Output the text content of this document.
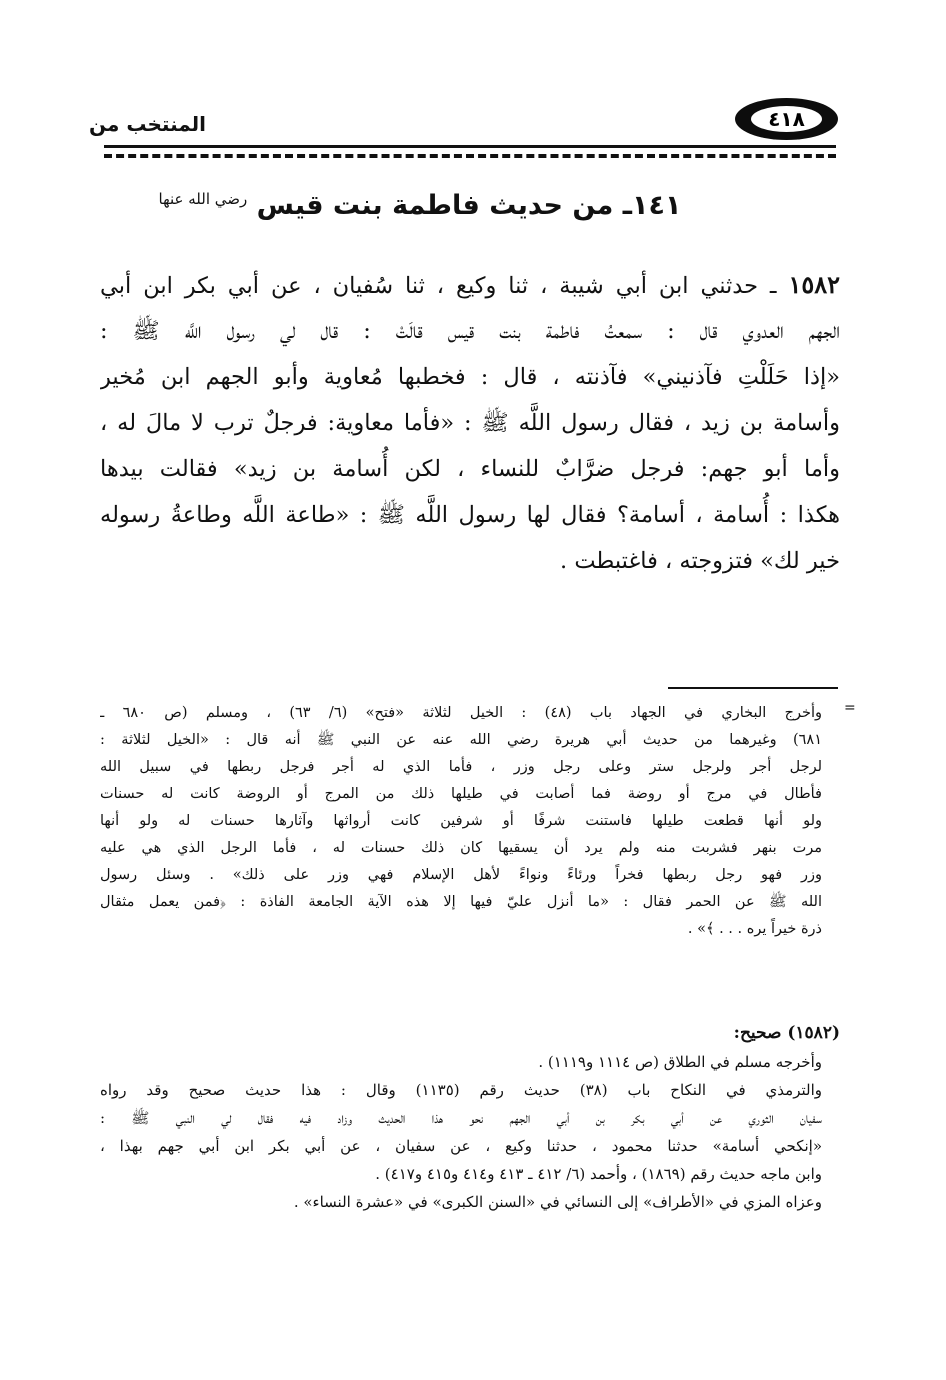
٤١٨
المنتخب من
١٤١ـ من حديث فاطمة بنت قيس $^{رضي الله عنها}$
١٥٨٢ ـ حدثني ابن أبي شيبة ، ثنا وكيع ، ثنا سُفيان ، عن أبي بكر ابن أبي
الجهم العدوي قال : سمعتُ فاطمة بنت قيس قالَتْ : قال لي رسول اللَّه ﷺ :
«إذا حَلَلْتِ فآذنيني» فآذنته ، قال : فخطبها مُعاوية وأبو الجهم ابن مُخير
وأسامة بن زيد ، فقال رسول اللَّه ﷺ : «فأما معاوية: فرجلٌ ترب لا مالَ له ،
وأما أبو جهم: فرجل ضرَّابٌ للنساء ، لكن أُسامة بن زيد» فقالت بيدها
هكذا : أُسامة ، أسامة؟ فقال لها رسول اللَّه ﷺ : «طاعة اللَّه وطاعةُ رسوله
خير لك» فتزوجته ، فاغتبطت .
=
وأخرج البخاري في الجهاد باب (٤٨) : الخيل لثلاثة «فتح» (٦/ ٦٣) ، ومسلم (ص ٦٨٠ ـ
٦٨١) وغيرهما من حديث أبي هريرة رضي الله عنه عن النبي ﷺ أنه قال : «الخيل لثلاثة :
لرجل أجر ولرجل ستر وعلى رجل وزر ، فأما الذي له أجر فرجل ربطها في سبيل الله
فأطال في مرج أو روضة فما أصابت في طيلها ذلك من المرج أو الروضة كانت له حسنات
ولو أنها قطعت طيلها فاستنت شرفًا أو شرفين كانت أرواثها وآثارها حسنات له ولو أنها
مرت بنهر فشربت منه ولم يرد أن يسقيها كان ذلك حسنات له ، فأما الرجل الذي هي عليه
وزر فهو رجل ربطها فخراً ورئاءً ونواءً لأهل الإسلام فهي وزر على ذلك» . وسئل رسول
الله ﷺ عن الحمر فقال : «ما أنزل عليّ فيها إلا هذه الآية الجامعة الفاذة : ﴿فمن يعمل مثقال
ذرة خيراً يره . . . ﴾» .
(١٥٨٢) صحيح:
وأخرجه مسلم في الطلاق (ص ١١١٤ و١١١٩) .
والترمذي في النكاح باب (٣٨) حديث رقم (١١٣٥) وقال : هذا حديث صحيح وقد رواه
سفيان الثوري عن أبي بكر بن أبي الجهم نحو هذا الحديث وزاد فيه فقال لي النبي ﷺ :
«إنكحي أسامة» حدثنا محمود ، حدثنا وكيع ، عن سفيان ، عن أبي بكر ابن أبي جهم بهذا ،
وابن ماجه حديث رقم (١٨٦٩) ، وأحمد (٦/ ٤١٢ ـ ٤١٣ و٤١٤ و٤١٥ و٤١٧) .
وعزاه المزي في «الأطراف» إلى النسائي في «السنن الكبرى» في «عشرة النساء» .
